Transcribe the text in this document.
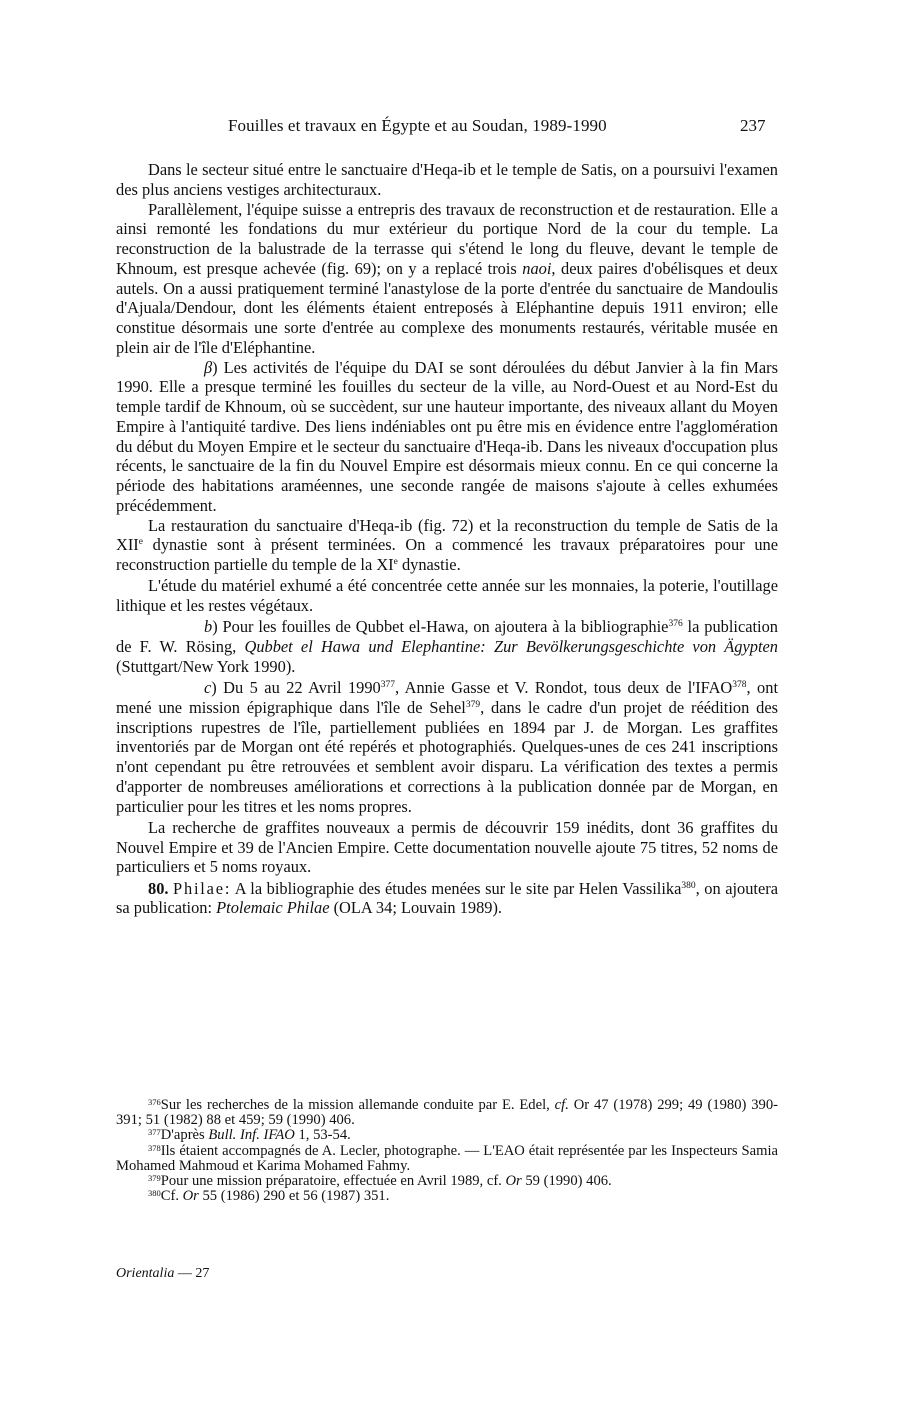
Fouilles et travaux en Égypte et au Soudan, 1989-1990	237

Dans le secteur situé entre le sanctuaire d'Heqa-ib et le temple de Satis, on a poursuivi l'examen des plus anciens vestiges architecturaux.

Parallèlement, l'équipe suisse a entrepris des travaux de reconstruction et de restauration. Elle a ainsi remonté les fondations du mur extérieur du portique Nord de la cour du temple. La reconstruction de la balustrade de la terrasse qui s'étend le long du fleuve, devant le temple de Khnoum, est presque achevée (fig. 69); on y a replacé trois naoi, deux paires d'obélisques et deux autels. On a aussi pratiquement terminé l'anastylose de la porte d'entrée du sanctuaire de Mandoulis d'Ajuala/Dendour, dont les éléments étaient entreposés à Eléphantine depuis 1911 environ; elle constitue désormais une sorte d'entrée au complexe des monuments restaurés, véritable musée en plein air de l'île d'Eléphantine.

β) Les activités de l'équipe du DAI se sont déroulées du début Janvier à la fin Mars 1990. Elle a presque terminé les fouilles du secteur de la ville, au Nord-Ouest et au Nord-Est du temple tardif de Khnoum, où se succèdent, sur une hauteur importante, des niveaux allant du Moyen Empire à l'antiquité tardive. Des liens indéniables ont pu être mis en évidence entre l'agglomération du début du Moyen Empire et le secteur du sanctuaire d'Heqa-ib. Dans les niveaux d'occupation plus récents, le sanctuaire de la fin du Nouvel Empire est désormais mieux connu. En ce qui concerne la période des habitations araméennes, une seconde rangée de maisons s'ajoute à celles exhumées précédemment.

La restauration du sanctuaire d'Heqa-ib (fig. 72) et la reconstruction du temple de Satis de la XIIe dynastie sont à présent terminées. On a commencé les travaux préparatoires pour une reconstruction partielle du temple de la XIe dynastie.

L'étude du matériel exhumé a été concentrée cette année sur les monnaies, la poterie, l'outillage lithique et les restes végétaux.

b) Pour les fouilles de Qubbet el-Hawa, on ajoutera à la bibliographie$^{376}$ la publication de F. W. Rösing, Qubbet el Hawa und Elephantine: Zur Bevölkerungsgeschichte von Ägypten (Stuttgart/New York 1990).

c) Du 5 au 22 Avril 1990$^{377}$, Annie Gasse et V. Rondot, tous deux de l'IFAO$^{378}$, ont mené une mission épigraphique dans l'île de Sehel$^{379}$, dans le cadre d'un projet de réédition des inscriptions rupestres de l'île, partiellement publiées en 1894 par J. de Morgan. Les graffites inventoriés par de Morgan ont été repérés et photographiés. Quelques-unes de ces 241 inscriptions n'ont cependant pu être retrouvées et semblent avoir disparu. La vérification des textes a permis d'apporter de nombreuses améliorations et corrections à la publication donnée par de Morgan, en particulier pour les titres et les noms propres.

La recherche de graffites nouveaux a permis de découvrir 159 inédits, dont 36 graffites du Nouvel Empire et 39 de l'Ancien Empire. Cette documentation nouvelle ajoute 75 titres, 52 noms de particuliers et 5 noms royaux.

80. Philae: A la bibliographie des études menées sur le site par Helen Vassilika$^{380}$, on ajoutera sa publication: Ptolemaic Philae (OLA 34; Louvain 1989).

$^{376}$Sur les recherches de la mission allemande conduite par E. Edel, cf. Or 47 (1978) 299; 49 (1980) 390-391; 51 (1982) 88 et 459; 59 (1990) 406.

$^{377}$D'après Bull. Inf. IFAO 1, 53-54.

$^{378}$Ils étaient accompagnés de A. Lecler, photographe. — L'EAO était représentée par les Inspecteurs Samia Mohamed Mahmoud et Karima Mohamed Fahmy.

$^{379}$Pour une mission préparatoire, effectuée en Avril 1989, cf. Or 59 (1990) 406.

$^{380}$Cf. Or 55 (1986) 290 et 56 (1987) 351.

Orientalia — 27
